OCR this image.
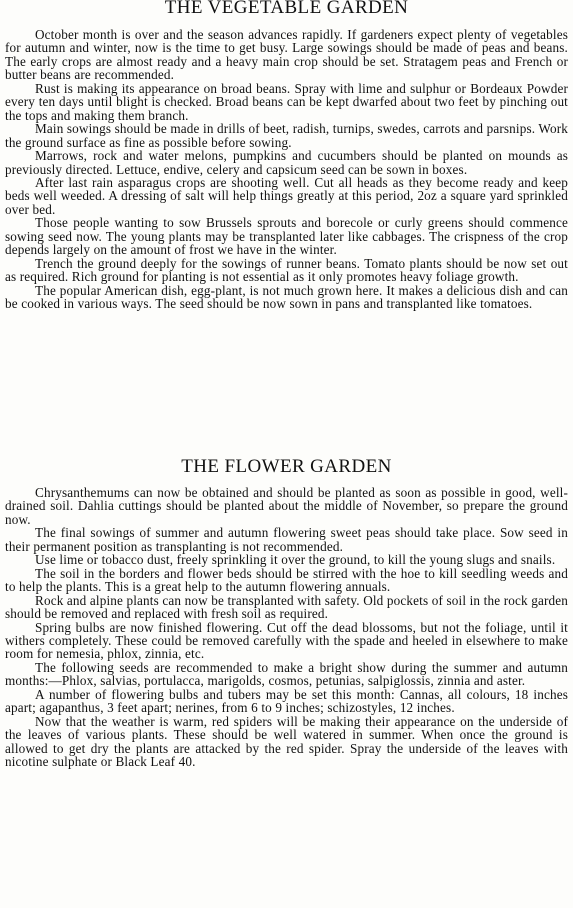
THE VEGETABLE GARDEN

October month is over and the season advances rapidly. If gardeners expect plenty of vegetables for autumn and winter, now is the time to get busy. Large sowings should be made of peas and beans. The early crops are almost ready and a heavy main crop should be set. Stratagem peas and French or butter beans are recommended.

Rust is making its appearance on broad beans. Spray with lime and sulphur or Bordeaux Powder every ten days until blight is checked. Broad beans can be kept dwarfed about two feet by pinching out the tops and making them branch.

Main sowings should be made in drills of beet, radish, turnips, swedes, carrots and parsnips. Work the ground surface as fine as possible before sowing.

Marrows, rock and water melons, pumpkins and cucumbers should be planted on mounds as previously directed. Lettuce, endive, celery and capsicum seed can be sown in boxes.

After last rain asparagus crops are shooting well. Cut all heads as they become ready and keep beds well weeded. A dressing of salt will help things greatly at this period, 2oz a square yard sprinkled over bed.

Those people wanting to sow Brussels sprouts and borecole or curly greens should commence sowing seed now. The young plants may be transplanted later like cabbages. The crispness of the crop depends largely on the amount of frost we have in the winter.

Trench the ground deeply for the sowings of runner beans. Tomato plants should be now set out as required. Rich ground for planting is not essential as it only promotes heavy foliage growth.

The popular American dish, egg-plant, is not much grown here. It makes a delicious dish and can be cooked in various ways. The seed should be now sown in pans and transplanted like tomatoes.

THE FLOWER GARDEN

Chrysanthemums can now be obtained and should be planted as soon as possible in good, well-drained soil. Dahlia cuttings should be planted about the middle of November, so prepare the ground now.

The final sowings of summer and autumn flowering sweet peas should take place. Sow seed in their permanent position as transplanting is not recommended.

Use lime or tobacco dust, freely sprinkling it over the ground, to kill the young slugs and snails.

The soil in the borders and flower beds should be stirred with the hoe to kill seedling weeds and to help the plants. This is a great help to the autumn flowering annuals.

Rock and alpine plants can now be transplanted with safety. Old pockets of soil in the rock garden should be removed and replaced with fresh soil as required.

Spring bulbs are now finished flowering. Cut off the dead blossoms, but not the foliage, until it withers completely. These could be removed carefully with the spade and heeled in elsewhere to make room for nemesia, phlox, zinnia, etc.

The following seeds are recommended to make a bright show during the summer and autumn months:—Phlox, salvias, portulacca, marigolds, cosmos, petunias, salpiglossis, zinnia and aster.

A number of flowering bulbs and tubers may be set this month: Cannas, all colours, 18 inches apart; agapanthus, 3 feet apart; nerines, from 6 to 9 inches; schizostyles, 12 inches.

Now that the weather is warm, red spiders will be making their appearance on the underside of the leaves of various plants. These should be well watered in summer. When once the ground is allowed to get dry the plants are attacked by the red spider. Spray the underside of the leaves with nicotine sulphate or Black Leaf 40.
